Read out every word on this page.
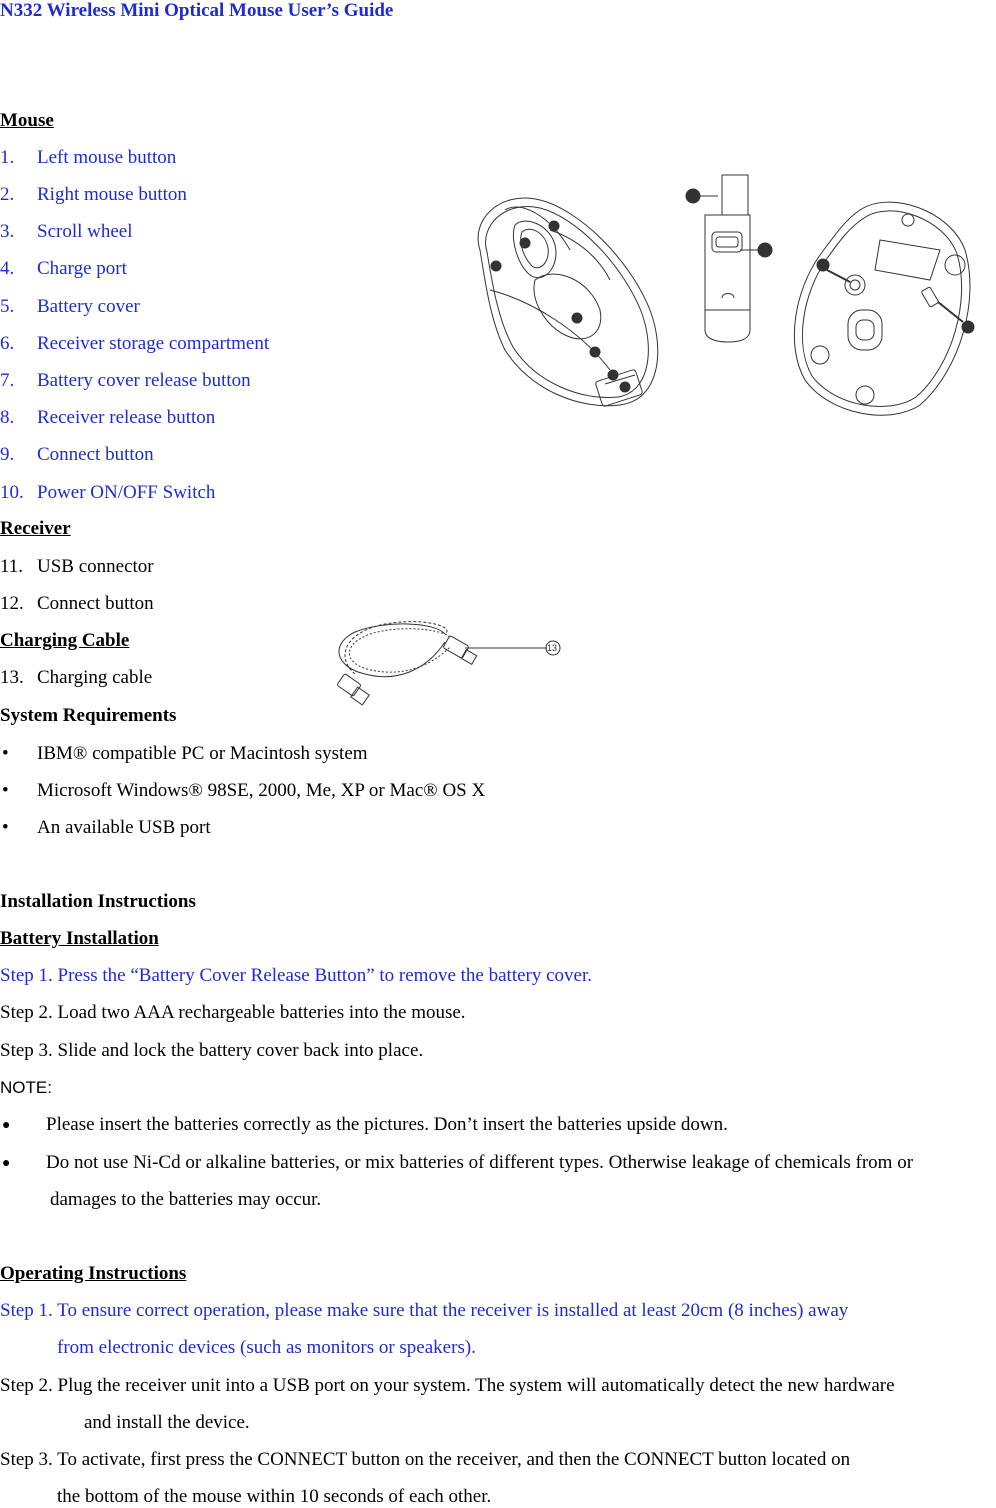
N332 Wireless Mini Optical Mouse User’s Guide
Mouse
1. Left mouse button
2. Right mouse button
3. Scroll wheel
4. Charge port
5. Battery cover
6. Receiver storage compartment
7. Battery cover release button
8. Receiver release button
9. Connect button
10. Power ON/OFF Switch
Receiver
11. USB connector
12. Connect button
Charging Cable
13. Charging cable
System Requirements
• IBM® compatible PC or Macintosh system
• Microsoft Windows® 98SE, 2000, Me, XP or Mac® OS X
• An available USB port
Installation Instructions
Battery Installation
Step 1. Press the “Battery Cover Release Button” to remove the battery cover.
Step 2. Load two AAA rechargeable batteries into the mouse.
Step 3. Slide and lock the battery cover back into place.
NOTE:
● Please insert the batteries correctly as the pictures. Don’t insert the batteries upside down.
● Do not use Ni-Cd or alkaline batteries, or mix batteries of different types. Otherwise leakage of chemicals from or
damages to the batteries may occur.
Operating Instructions
Step 1. To ensure correct operation, please make sure that the receiver is installed at least 20cm (8 inches) away
from electronic devices (such as monitors or speakers).
Step 2. Plug the receiver unit into a USB port on your system. The system will automatically detect the new hardware
and install the device.
Step 3. To activate, first press the CONNECT button on the receiver, and then the CONNECT button located on
the bottom of the mouse within 10 seconds of each other.
3
2
1
7
6
4
5
10
11
8
9
13
